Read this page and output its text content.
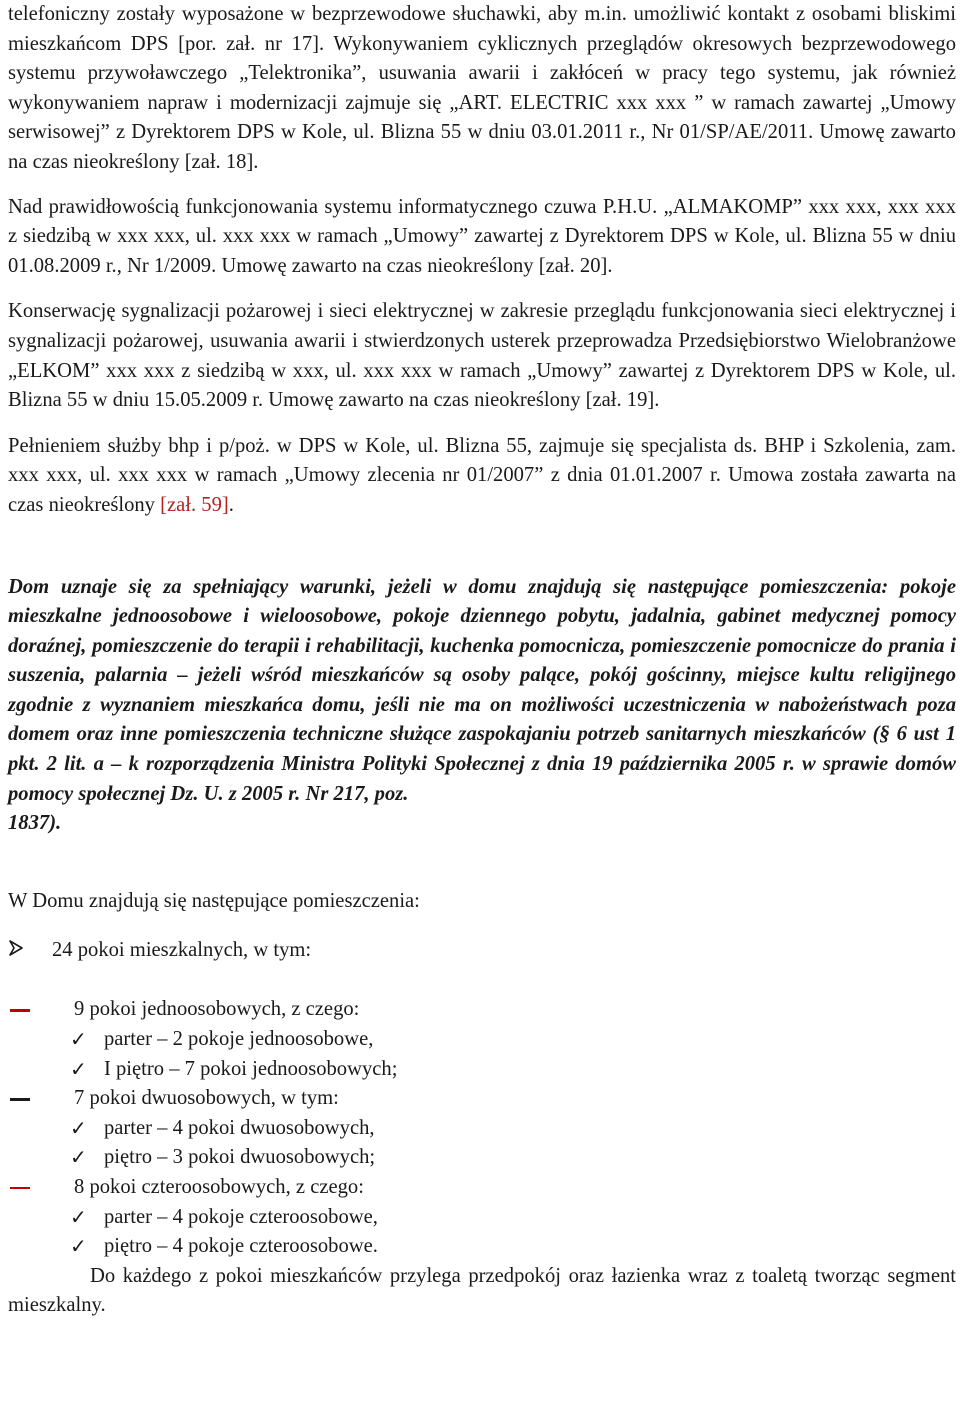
telefoniczny zostały wyposażone w bezprzewodowe słuchawki, aby m.in. umożliwić kontakt z osobami bliskimi mieszkańcom DPS [por. zał. nr 17]. Wykonywaniem cyklicznych przeglądów okresowych bezprzewodowego systemu przywoławczego „Telektronika”, usuwania awarii i zakłóceń w pracy tego systemu, jak również wykonywaniem napraw i modernizacji zajmuje się „ART. ELECTRIC xxx xxx ” w ramach zawartej „Umowy serwisowej” z Dyrektorem DPS w Kole, ul. Blizna 55 w dniu 03.01.2011 r., Nr 01/SP/AE/2011. Umowę zawarto na czas nieokreślony [zał. 18].

Nad prawidłowością funkcjonowania systemu informatycznego czuwa P.H.U. „ALMAKOMP” xxx xxx, xxx xxx z siedzibą w xxx xxx, ul. xxx xxx w ramach „Umowy” zawartej z Dyrektorem DPS w Kole, ul. Blizna 55 w dniu 01.08.2009 r., Nr 1/2009. Umowę zawarto na czas nieokreślony [zał. 20].

Konserwację sygnalizacji pożarowej i sieci elektrycznej w zakresie przeglądu funkcjonowania sieci elektrycznej i sygnalizacji pożarowej, usuwania awarii i stwierdzonych usterek przeprowadza Przedsiębiorstwo Wielobranżowe „ELKOM” xxx xxx z siedzibą w xxx, ul. xxx xxx w ramach „Umowy” zawartej z Dyrektorem DPS w Kole, ul. Blizna 55 w dniu 15.05.2009 r. Umowę zawarto na czas nieokreślony [zał. 19].

Pełnieniem służby bhp i p/poż. w DPS w Kole, ul. Blizna 55, zajmuje się specjalista ds. BHP i Szkolenia, zam. xxx xxx, ul. xxx xxx w ramach „Umowy zlecenia nr 01/2007” z dnia 01.01.2007 r. Umowa została zawarta na czas nieokreślony [zał. 59].

Dom uznaje się za spełniający warunki, jeżeli w domu znajdują się następujące pomieszczenia: pokoje mieszkalne jednoosobowe i wieloosobowe, pokoje dziennego pobytu, jadalnia, gabinet medycznej pomocy doraźnej, pomieszczenie do terapii i rehabilitacji, kuchenka pomocnicza, pomieszczenie pomocnicze do prania i suszenia, palarnia – jeżeli wśród mieszkańców są osoby palące, pokój gościnny, miejsce kultu religijnego zgodnie z wyznaniem mieszkańca domu, jeśli nie ma on możliwości uczestniczenia w nabożeństwach poza domem oraz inne pomieszczenia techniczne służące zaspokajaniu potrzeb sanitarnych mieszkańców (§ 6 ust 1 pkt. 2 lit. a – k rozporządzenia Ministra Polityki Społecznej z dnia 19 października 2005 r. w sprawie domów pomocy społecznej Dz. U. z 2005 r. Nr 217, poz.
1837).

W Domu znajdują się następujące pomieszczenia:

24 pokoi mieszkalnych, w tym:
9 pokoi jednoosobowych, z czego:
✓ parter – 2 pokoje jednoosobowe,
✓ I piętro – 7 pokoi jednoosobowych;
7 pokoi dwuosobowych, w tym:
✓ parter – 4 pokoi dwuosobowych,
✓ piętro – 3 pokoi dwuosobowych;
8 pokoi czteroosobowych, z czego:
✓ parter – 4 pokoje czteroosobowe,
✓ piętro – 4 pokoje czteroosobowe.

Do każdego z pokoi mieszkańców przylega przedpokój oraz łazienka wraz z toaletą tworząc segment mieszkalny.
